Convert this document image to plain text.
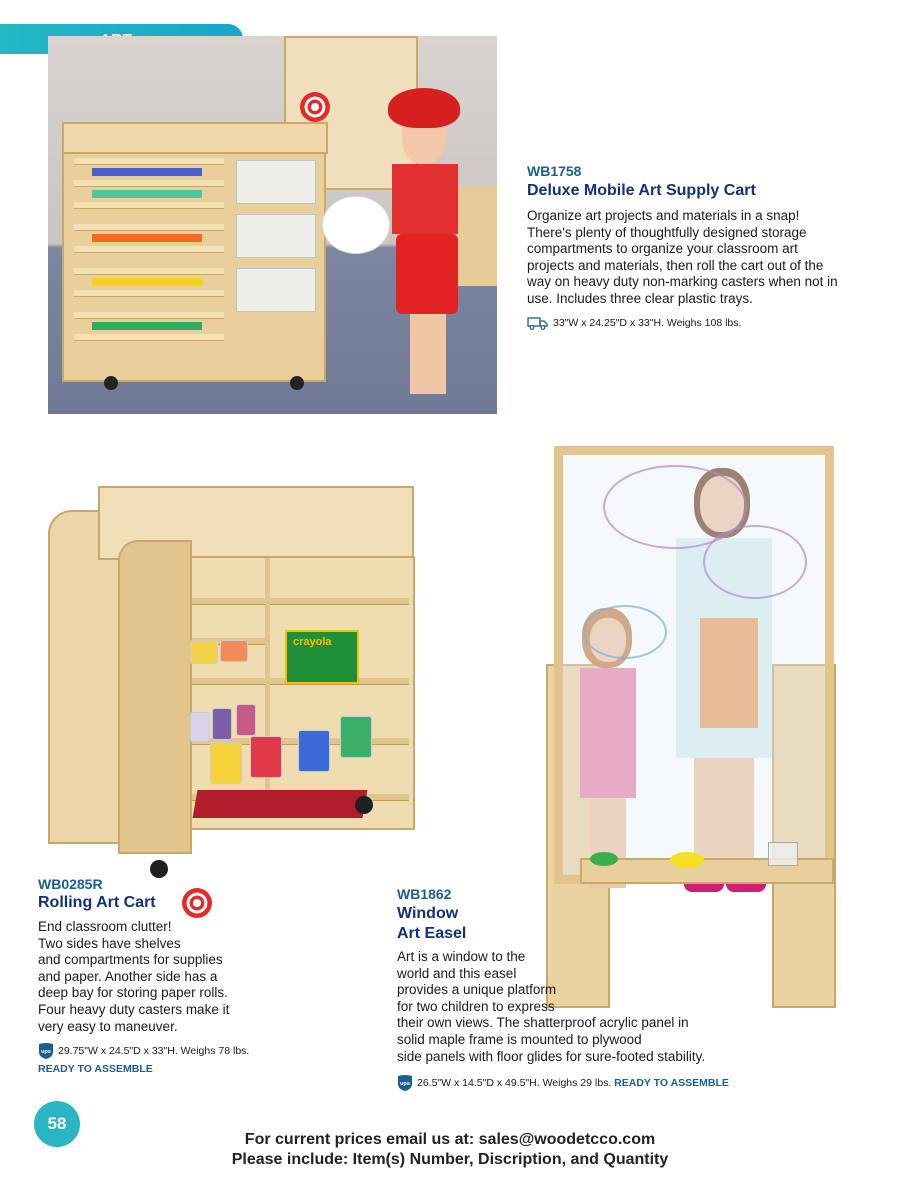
WB1758
Deluxe Mobile Art Supply Cart
Organize art projects and materials in a snap! There's plenty of thoughtfully designed storage compartments to organize your classroom art projects and materials, then roll the cart out of the way on heavy duty non-marking casters when not in use. Includes three clear plastic trays.
33"W x 24.25"D x 33"H. Weighs 108 lbs.
crayola
WB0285R
Rolling Art Cart
End classroom clutter!
Two sides have shelves
and compartments for supplies
and paper. Another side has a
deep bay for storing paper rolls.
Four heavy duty casters make it
very easy to maneuver.
ups 29.75"W x 24.5"D x 33"H. Weighs 78 lbs.
READY TO ASSEMBLE
WB1862
Window
Art Easel
Art is a window to the
world and this easel
provides a unique platform
for two children to express
their own views. The shatterproof acrylic panel in
solid maple frame is mounted to plywood
side panels with floor glides for sure-footed stability.
ups 26.5"W x 14.5"D x 49.5"H. Weighs 29 lbs. READY TO ASSEMBLE
58
For current prices email us at: sales@woodetcco.com
Please include: Item(s) Number, Discription, and Quantity
